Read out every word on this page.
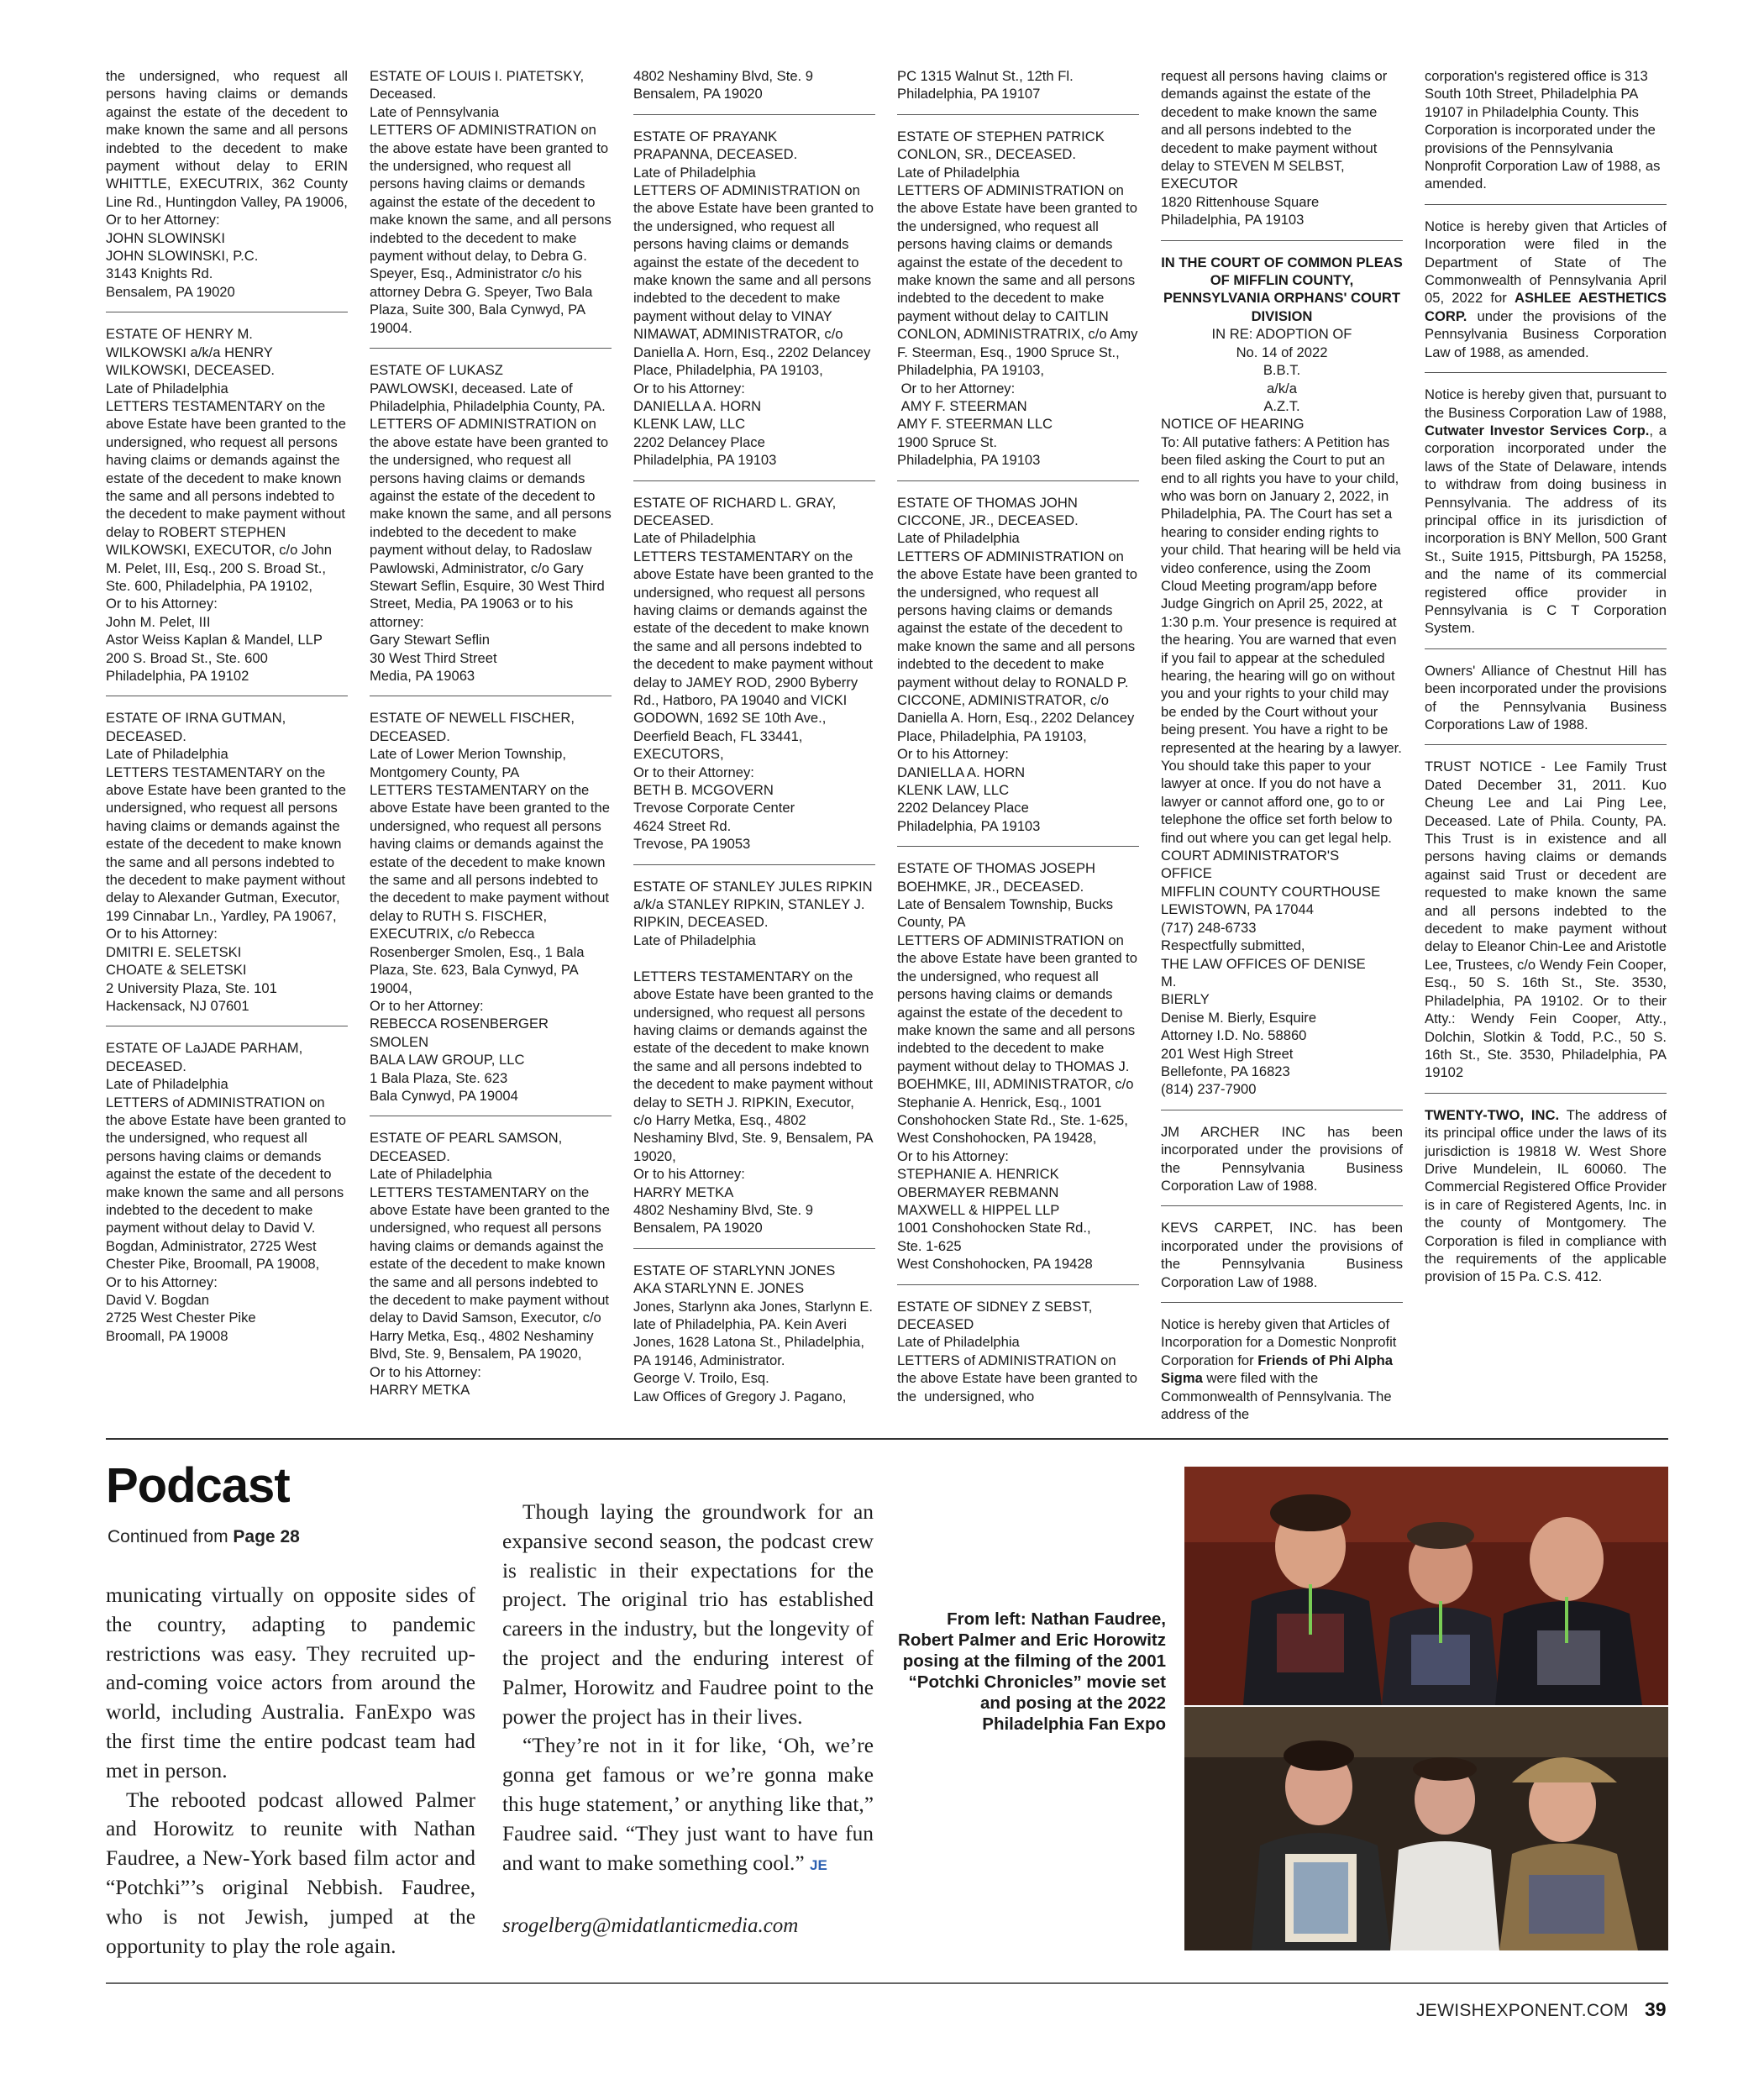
the undersigned, who request all persons having claims or demands against the estate of the decedent to make known the same and all persons indebted to the decedent to make payment without delay to ERIN WHITTLE, EXECUTRIX, 362 County Line Rd., Huntingdon Valley, PA 19006,
Or to her Attorney:
JOHN SLOWINSKI
JOHN SLOWINSKI, P.C.
3143 Knights Rd.
Bensalem, PA 19020

ESTATE OF HENRY M.
WILKOWSKI a/k/a HENRY
WILKOWSKI, DECEASED.
Late of Philadelphia
LETTERS TESTAMENTARY on the above Estate have been granted to the undersigned, who request all persons having claims or demands against the estate of the decedent to make known the same and all persons indebted to the decedent to make payment without delay to ROBERT STEPHEN WILKOWSKI, EXECUTOR, c/o John M. Pelet, III, Esq., 200 S. Broad St., Ste. 600, Philadelphia, PA 19102,
Or to his Attorney:
John M. Pelet, III
Astor Weiss Kaplan & Mandel, LLP
200 S. Broad St., Ste. 600
Philadelphia, PA 19102

ESTATE OF IRNA GUTMAN,
DECEASED.
Late of Philadelphia
LETTERS TESTAMENTARY on the above Estate have been granted to the undersigned, who request all persons having claims or demands against the estate of the decedent to make known the same and all persons indebted to the decedent to make payment without delay to Alexander Gutman, Executor, 199 Cinnabar Ln., Yardley, PA 19067,
Or to his Attorney:
DMITRI E. SELETSKI
CHOATE & SELETSKI
2 University Plaza, Ste. 101
Hackensack, NJ 07601

ESTATE OF LaJADE PARHAM,
DECEASED.
Late of Philadelphia
LETTERS of ADMINISTRATION on the above Estate have been granted to the undersigned, who request all persons having claims or demands against the estate of the decedent to make known the same and all persons indebted to the decedent to make payment without delay to David V. Bogdan, Administrator, 2725 West Chester Pike, Broomall, PA 19008,
Or to his Attorney:
David V. Bogdan
2725 West Chester Pike
Broomall, PA 19008

ESTATE OF LOUIS I. PIATETSKY,
Deceased.
Late of Pennsylvania
LETTERS OF ADMINISTRATION on the above estate have been granted to the undersigned, who request all persons having claims or demands against the estate of the decedent to make known the same, and all persons indebted to the decedent to make payment without delay, to Debra G. Speyer, Esq., Administrator c/o his attorney Debra G. Speyer, Two Bala Plaza, Suite 300, Bala Cynwyd, PA 19004.

ESTATE OF LUKASZ
PAWLOWSKI, deceased. Late of Philadelphia, Philadelphia County, PA.
LETTERS OF ADMINISTRATION on the above estate have been granted to the undersigned, who request all persons having claims or demands against the estate of the decedent to make known the same, and all persons indebted to the decedent to make payment without delay, to Radoslaw Pawlowski, Administrator, c/o Gary Stewart Seflin, Esquire, 30 West Third Street, Media, PA 19063 or to his attorney:
Gary Stewart Seflin
30 West Third Street
Media, PA 19063

ESTATE OF NEWELL FISCHER,
DECEASED.
Late of Lower Merion Township, Montgomery County, PA
LETTERS TESTAMENTARY on the above Estate have been granted to the undersigned, who request all persons having claims or demands against the estate of the decedent to make known the same and all persons indebted to the decedent to make payment without delay to RUTH S. FISCHER, EXECUTRIX, c/o Rebecca Rosenberger Smolen, Esq., 1 Bala Plaza, Ste. 623, Bala Cynwyd, PA 19004,
Or to her Attorney:
REBECCA ROSENBERGER
SMOLEN
BALA LAW GROUP, LLC
1 Bala Plaza, Ste. 623
Bala Cynwyd, PA 19004

ESTATE OF PEARL SAMSON,
DECEASED.
Late of Philadelphia
LETTERS TESTAMENTARY on the above Estate have been granted to the undersigned, who request all persons having claims or demands against the estate of the decedent to make known the same and all persons indebted to the decedent to make payment without delay to David Samson, Executor, c/o Harry Metka, Esq., 4802 Neshaminy Blvd, Ste. 9, Bensalem, PA 19020,
Or to his Attorney:
HARRY METKA

4802 Neshaminy Blvd, Ste. 9
Bensalem, PA 19020

ESTATE OF PRAYANK
PRAPANNA, DECEASED.
Late of Philadelphia
LETTERS OF ADMINISTRATION on the above Estate have been granted to the undersigned, who request all persons having claims or demands against the estate of the decedent to make known the same and all persons indebted to the decedent to make payment without delay to VINAY NIMAWAT, ADMINISTRATOR, c/o Daniella A. Horn, Esq., 2202 Delancey Place, Philadelphia, PA 19103,
Or to his Attorney:
DANIELLA A. HORN
KLENK LAW, LLC
2202 Delancey Place
Philadelphia, PA 19103

ESTATE OF RICHARD L. GRAY,
DECEASED.
Late of Philadelphia
LETTERS TESTAMENTARY on the above Estate have been granted to the undersigned, who request all persons having claims or demands against the estate of the decedent to make known the same and all persons indebted to the decedent to make payment without delay to JAMEY ROD, 2900 Byberry Rd., Hatboro, PA 19040 and VICKI GODOWN, 1692 SE 10th Ave., Deerfield Beach, FL 33441, EXECUTORS,
Or to their Attorney:
BETH B. MCGOVERN
Trevose Corporate Center
4624 Street Rd.
Trevose, PA 19053

ESTATE OF STANLEY JULES RIPKIN a/k/a STANLEY RIPKIN, STANLEY J. RIPKIN, DECEASED.
Late of Philadelphia

LETTERS TESTAMENTARY on the above Estate have been granted to the undersigned, who request all persons having claims or demands against the estate of the decedent to make known the same and all persons indebted to the decedent to make payment without delay to SETH J. RIPKIN, Executor, c/o Harry Metka, Esq., 4802 Neshaminy Blvd, Ste. 9, Bensalem, PA 19020,
Or to his Attorney:
HARRY METKA
4802 Neshaminy Blvd, Ste. 9
Bensalem, PA 19020

ESTATE OF STARLYNN JONES
AKA STARLYNN E. JONES
Jones, Starlynn aka Jones, Starlynn E. late of Philadelphia, PA. Kein Averi Jones, 1628 Latona St., Philadelphia, PA 19146, Administrator.
George V. Troilo, Esq.
Law Offices of Gregory J. Pagano,

PC 1315 Walnut St., 12th Fl.
Philadelphia, PA 19107

ESTATE OF STEPHEN PATRICK
CONLON, SR., DECEASED.
Late of Philadelphia
LETTERS OF ADMINISTRATION on the above Estate have been granted to the undersigned, who request all persons having claims or demands against the estate of the decedent to make known the same and all persons indebted to the decedent to make payment without delay to CAITLIN CONLON, ADMINISTRATRIX, c/o Amy F. Steerman, Esq., 1900 Spruce St., Philadelphia, PA 19103,
Or to her Attorney:
AMY F. STEERMAN
AMY F. STEERMAN LLC
1900 Spruce St.
Philadelphia, PA 19103

ESTATE OF THOMAS JOHN
CICCONE, JR., DECEASED.
Late of Philadelphia
LETTERS OF ADMINISTRATION on the above Estate have been granted to the undersigned, who request all persons having claims or demands against the estate of the decedent to make known the same and all persons indebted to the decedent to make payment without delay to RONALD P. CICCONE, ADMINISTRATOR, c/o Daniella A. Horn, Esq., 2202 Delancey Place, Philadelphia, PA 19103,
Or to his Attorney:
DANIELLA A. HORN
KLENK LAW, LLC
2202 Delancey Place
Philadelphia, PA 19103

ESTATE OF THOMAS JOSEPH
BOEHMKE, JR., DECEASED.
Late of Bensalem Township, Bucks County, PA
LETTERS OF ADMINISTRATION on the above Estate have been granted to the undersigned, who request all persons having claims or demands against the estate of the decedent to make known the same and all persons indebted to the decedent to make payment without delay to THOMAS J. BOEHMKE, III, ADMINISTRATOR, c/o Stephanie A. Henrick, Esq., 1001 Conshohocken State Rd., Ste. 1-625, West Conshohocken, PA 19428,
Or to his Attorney:
STEPHANIE A. HENRICK
OBERMAYER REBMANN
MAXWELL & HIPPEL LLP
1001 Conshohocken State Rd.,
Ste. 1-625
West Conshohocken, PA 19428

ESTATE OF SIDNEY Z SEBST,
DECEASED
Late of Philadelphia
LETTERS of ADMINISTRATION on the above Estate have been granted to the  undersigned, who

request all persons having  claims or demands against the estate of the decedent to make known the same and all persons indebted to the decedent to make payment without delay to STEVEN M SELBST, EXECUTOR
1820 Rittenhouse Square
Philadelphia, PA 19103

IN THE COURT OF COMMON PLEAS OF MIFFLIN COUNTY, PENNSYLVANIA ORPHANS' COURT DIVISION

IN RE: ADOPTION OF
No. 14 of 2022
B.B.T.
a/k/a
A.Z.T.

NOTICE OF HEARING
To: All putative fathers: A Petition has been filed asking the Court to put an end to all rights you have to your child, who was born on January 2, 2022, in Philadelphia, PA. The Court has set a hearing to consider ending rights to your child. That hearing will be held via video conference, using the Zoom Cloud Meeting program/app before Judge Gingrich on April 25, 2022, at 1:30 p.m. Your presence is required at the hearing. You are warned that even if you fail to appear at the scheduled hearing, the hearing will go on without you and your rights to your child may be ended by the Court without your being present. You have a right to be represented at the hearing by a lawyer. You should take this paper to your lawyer at once. If you do not have a lawyer or cannot afford one, go to or telephone the office set forth below to find out where you can get legal help.
COURT ADMINISTRATOR'S
OFFICE
MIFFLIN COUNTY COURTHOUSE
LEWISTOWN, PA 17044
(717) 248-6733
Respectfully submitted,
THE LAW OFFICES OF DENISE
M.
BIERLY
Denise M. Bierly, Esquire
Attorney I.D. No. 58860
201 West High Street
Bellefonte, PA 16823
(814) 237-7900

JM ARCHER INC has been incorporated under the provisions of the Pennsylvania Business Corporation Law of 1988.

KEVS CARPET, INC. has been incorporated under the provisions of the Pennsylvania Business Corporation Law of 1988.

Notice is hereby given that Articles of Incorporation for a Domestic Nonprofit Corporation for Friends of Phi Alpha Sigma were filed with the Commonwealth of Pennsylvania. The address of the

corporation's registered office is 313 South 10th Street, Philadelphia PA 19107 in Philadelphia County. This Corporation is incorporated under the provisions of the Pennsylvania Nonprofit Corporation Law of 1988, as amended.

Notice is hereby given that Articles of Incorporation were filed in the Department of State of The Commonwealth of Pennsylvania April 05, 2022 for ASHLEE AESTHETICS CORP. under the provisions of the Pennsylvania Business Corporation Law of 1988, as amended.

Notice is hereby given that, pursuant to the Business Corporation Law of 1988, Cutwater Investor Services Corp., a corporation incorporated under the laws of the State of Delaware, intends to withdraw from doing business in Pennsylvania. The address of its principal office in its jurisdiction of incorporation is BNY Mellon, 500 Grant St., Suite 1915, Pittsburgh, PA 15258, and the name of its commercial registered office provider in Pennsylvania is C T Corporation System.

Owners' Alliance of Chestnut Hill has been incorporated under the provisions of the Pennsylvania Business Corporations Law of 1988.

TRUST NOTICE - Lee Family Trust Dated December 31, 2011. Kuo Cheung Lee and Lai Ping Lee, Deceased. Late of Phila. County, PA. This Trust is in existence and all persons having claims or demands against said Trust or decedent are requested to make known the same and all persons indebted to the decedent to make payment without delay to Eleanor Chin-Lee and Aristotle Lee, Trustees, c/o Wendy Fein Cooper, Esq., 50 S. 16th St., Ste. 3530, Philadelphia, PA 19102. Or to their Atty.: Wendy Fein Cooper, Atty., Dolchin, Slotkin & Todd, P.C., 50 S. 16th St., Ste. 3530, Philadelphia, PA 19102

TWENTY-TWO, INC. The address of its principal office under the laws of its jurisdiction is 19818 W. West Shore Drive Mundelein, IL 60060. The Commercial Registered Office Provider is in care of Registered Agents, Inc. in the county of Montgomery. The Corporation is filed in compliance with the requirements of the applicable provision of 15 Pa. C.S. 412.

Podcast
Continued from Page 28

municating virtually on opposite sides of the country, adapting to pandemic restrictions was easy. They recruited up-and-coming voice actors from around the world, including Australia. FanExpo was the first time the entire podcast team had met in person.

The rebooted podcast allowed Palmer and Horowitz to reunite with Nathan Faudree, a New-York based film actor and “Potchki”’s original Nebbish. Faudree, who is not Jewish, jumped at the opportunity to play the role again.

Though laying the groundwork for an expansive second season, the podcast crew is realistic in their expectations for the project. The original trio has established careers in the industry, but the longevity of the project and the enduring interest of Palmer, Horowitz and Faudree point to the power the project has in their lives.

“They’re not in it for like, ‘Oh, we’re gonna get famous or we’re gonna make this huge statement,’ or anything like that,” Faudree said. “They just want to have fun and want to make something cool.” JE

srogelberg@midatlanticmedia.com
From left: Nathan Faudree, Robert Palmer and Eric Horowitz posing at the filming of the 2001 “Potchki Chronicles” movie set and posing at the 2022 Philadelphia Fan Expo
JEWISHEXPONENT.COM 39
